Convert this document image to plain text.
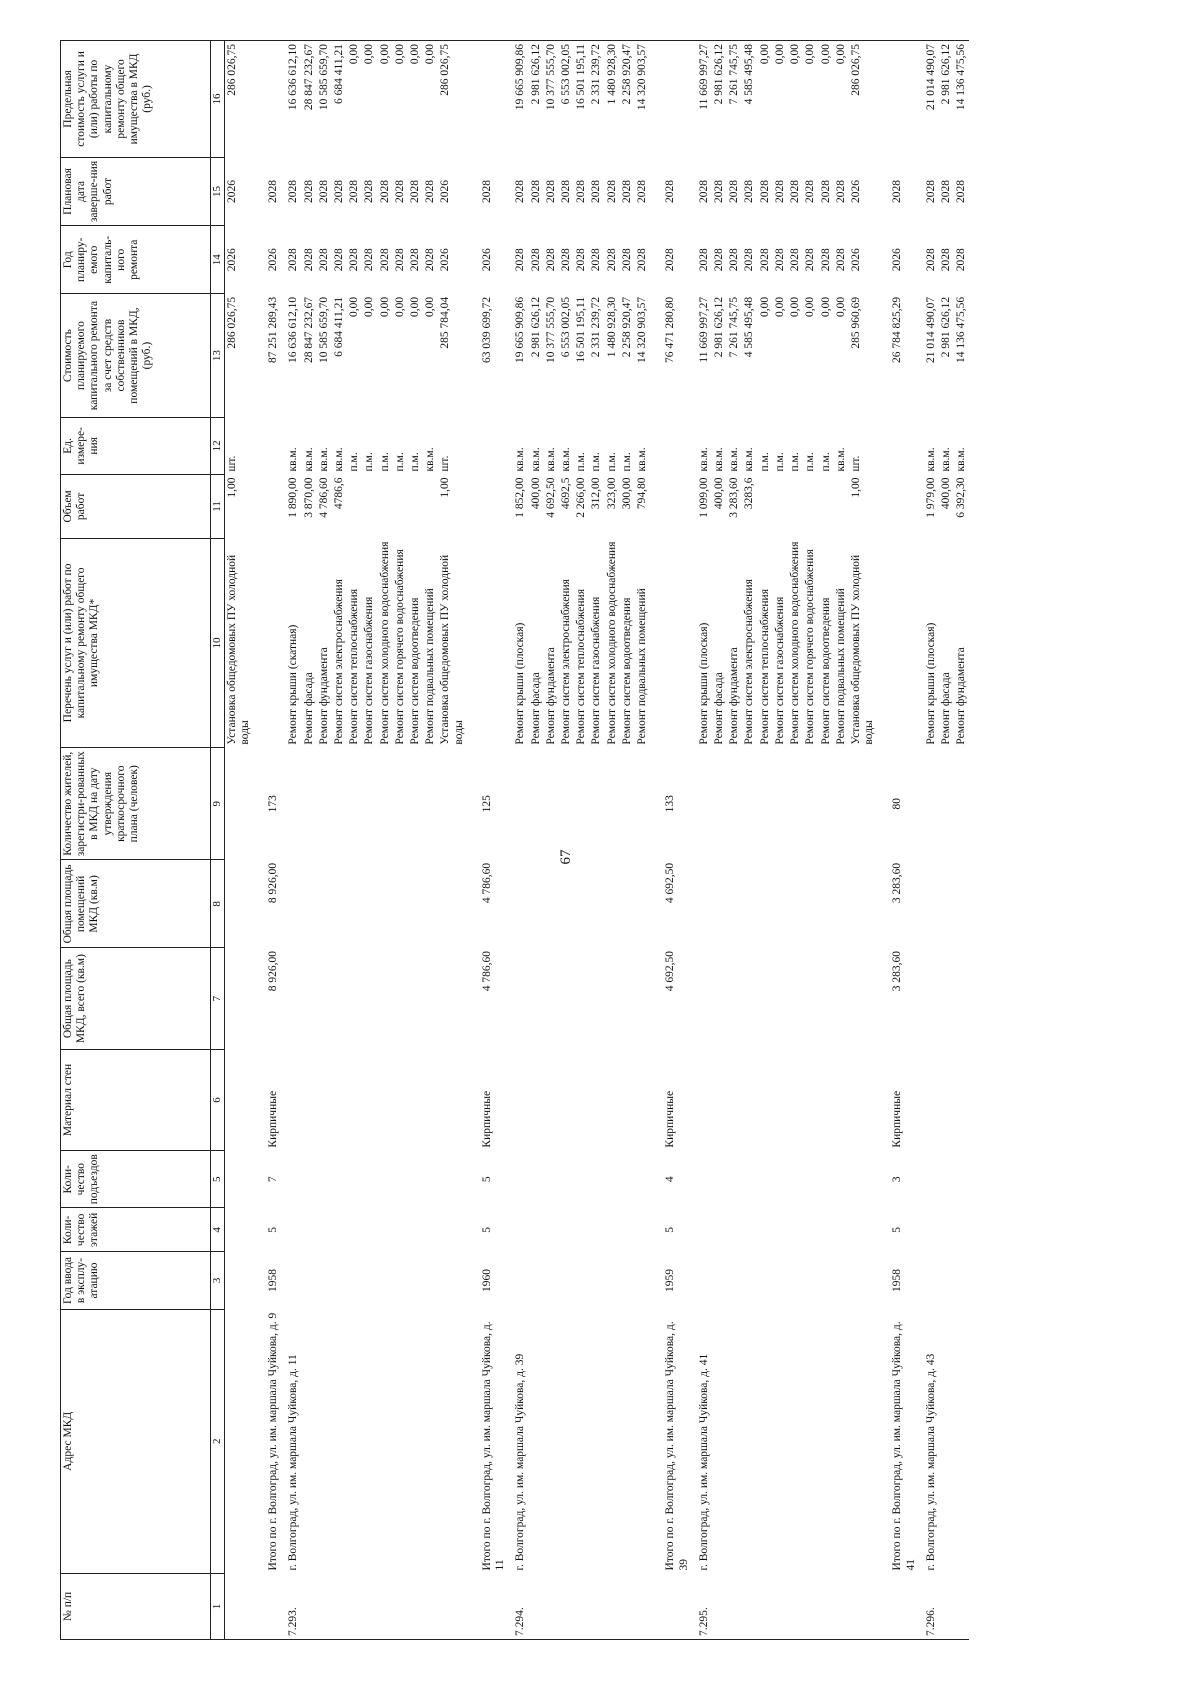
67
№ п/п	Адрес МКД	Год ввода в эксплу-атацию	Коли-чество этажей	Коли-чество подъездов	Материал стен	Общая площадь МКД, всего (кв.м)	Общая площадь помещений МКД (кв.м)	Количество жителей, зарегистри-рованных в МКД на дату утверждения краткосрочного плана (человек)	Перечень услуг и (или) работ по капитальному ремонту общего имущества МКД*	Объем работ	Ед. измере-ния	Стоимость планируемого капитального ремонта за счет средств собственников помещений в МКД, (руб.)	Год планиру-емого капиталь-ного ремонта	Плановая дата заверше-ния работ	Предельная стоимость услуги и (или) работы по капитальному ремонту общего имущества в МКД (руб.)
1	2	3	4	5	6	7	8	9	10	11	12	13	14	15	16
									Установка общедомовых ПУ холодной воды	1,00	шт.	286 026,75	2026	2026	286 026,75
	Итого по г. Волгоград, ул. им. маршала Чуйкова, д. 9	1958	5	7	Кирпичные	8 926,00	8 926,00	173				87 251 289,43	2026	2028	
7.293.	г. Волгоград, ул. им. маршала Чуйкова, д. 11								Ремонт крыши (скатная)	1 890,00	кв.м.	16 636 612,10	2028	2028	16 636 612,10
									Ремонт фасада	3 870,00	кв.м.	28 847 232,67	2028	2028	28 847 232,67
									Ремонт фундамента	4 786,60	кв.м.	10 585 659,70	2028	2028	10 585 659,70
									Ремонт систем электроснабжения	4786,6	кв.м.	6 684 411,21	2028	2028	6 684 411,21
									Ремонт систем теплоснабжения		п.м.	0,00	2028	2028	0,00
									Ремонт систем газоснабжения		п.м.	0,00	2028	2028	0,00
									Ремонт систем холодного водоснабжения		п.м.	0,00	2028	2028	0,00
									Ремонт систем горячего водоснабжения		п.м.	0,00	2028	2028	0,00
									Ремонт систем водоотведения		п.м.	0,00	2028	2028	0,00
									Ремонт подвальных помещений		кв.м.	0,00	2028	2028	0,00
									Установка общедомовых ПУ холодной воды	1,00	шт.	285 784,04	2026	2026	286 026,75
	Итого по г. Волгоград, ул. им. маршала Чуйкова, д. 11	1960	5	5	Кирпичные	4 786,60	4 786,60	125				63 039 699,72	2026	2028	
7.294.	г. Волгоград, ул. им. маршала Чуйкова, д. 39								Ремонт крыши (плоская)	1 852,00	кв.м.	19 665 909,86	2028	2028	19 665 909,86
									Ремонт фасада	400,00	кв.м.	2 981 626,12	2028	2028	2 981 626,12
									Ремонт фундамента	4 692,50	кв.м.	10 377 555,70	2028	2028	10 377 555,70
									Ремонт систем электроснабжения	4692,5	кв.м.	6 553 002,05	2028	2028	6 553 002,05
									Ремонт систем теплоснабжения	2 266,00	п.м.	16 501 195,11	2028	2028	16 501 195,11
									Ремонт систем газоснабжения	312,00	п.м.	2 331 239,72	2028	2028	2 331 239,72
									Ремонт систем холодного водоснабжения	323,00	п.м.	1 480 928,30	2028	2028	1 480 928,30
									Ремонт систем водоотведения	300,00	п.м.	2 258 920,47	2028	2028	2 258 920,47
									Ремонт подвальных помещений	794,80	кв.м.	14 320 903,57	2028	2028	14 320 903,57
	Итого по г. Волгоград, ул. им. маршала Чуйкова, д. 39	1959	5	4	Кирпичные	4 692,50	4 692,50	133				76 471 280,80	2028	2028	
7.295.	г. Волгоград, ул. им. маршала Чуйкова, д. 41								Ремонт крыши (плоская)	1 099,00	кв.м.	11 669 997,27	2028	2028	11 669 997,27
									Ремонт фасада	400,00	кв.м.	2 981 626,12	2028	2028	2 981 626,12
									Ремонт фундамента	3 283,60	кв.м.	7 261 745,75	2028	2028	7 261 745,75
									Ремонт систем электроснабжения	3283,6	кв.м.	4 585 495,48	2028	2028	4 585 495,48
									Ремонт систем теплоснабжения		п.м.	0,00	2028	2028	0,00
									Ремонт систем газоснабжения		п.м.	0,00	2028	2028	0,00
									Ремонт систем холодного водоснабжения		п.м.	0,00	2028	2028	0,00
									Ремонт систем горячего водоснабжения		п.м.	0,00	2028	2028	0,00
									Ремонт систем водоотведения		п.м.	0,00	2028	2028	0,00
									Ремонт подвальных помещений		кв.м.	0,00	2028	2028	0,00
									Установка общедомовых ПУ холодной воды	1,00	шт.	285 960,69	2026	2026	286 026,75
	Итого по г. Волгоград, ул. им. маршала Чуйкова, д. 41	1958	5	3	Кирпичные	3 283,60	3 283,60	80				26 784 825,29	2026	2028	
7.296.	г. Волгоград, ул. им. маршала Чуйкова, д. 43								Ремонт крыши (плоская)	1 979,00	кв.м.	21 014 490,07	2028	2028	21 014 490,07
									Ремонт фасада	400,00	кв.м.	2 981 626,12	2028	2028	2 981 626,12
									Ремонт фундамента	6 392,30	кв.м.	14 136 475,56	2028	2028	14 136 475,56
